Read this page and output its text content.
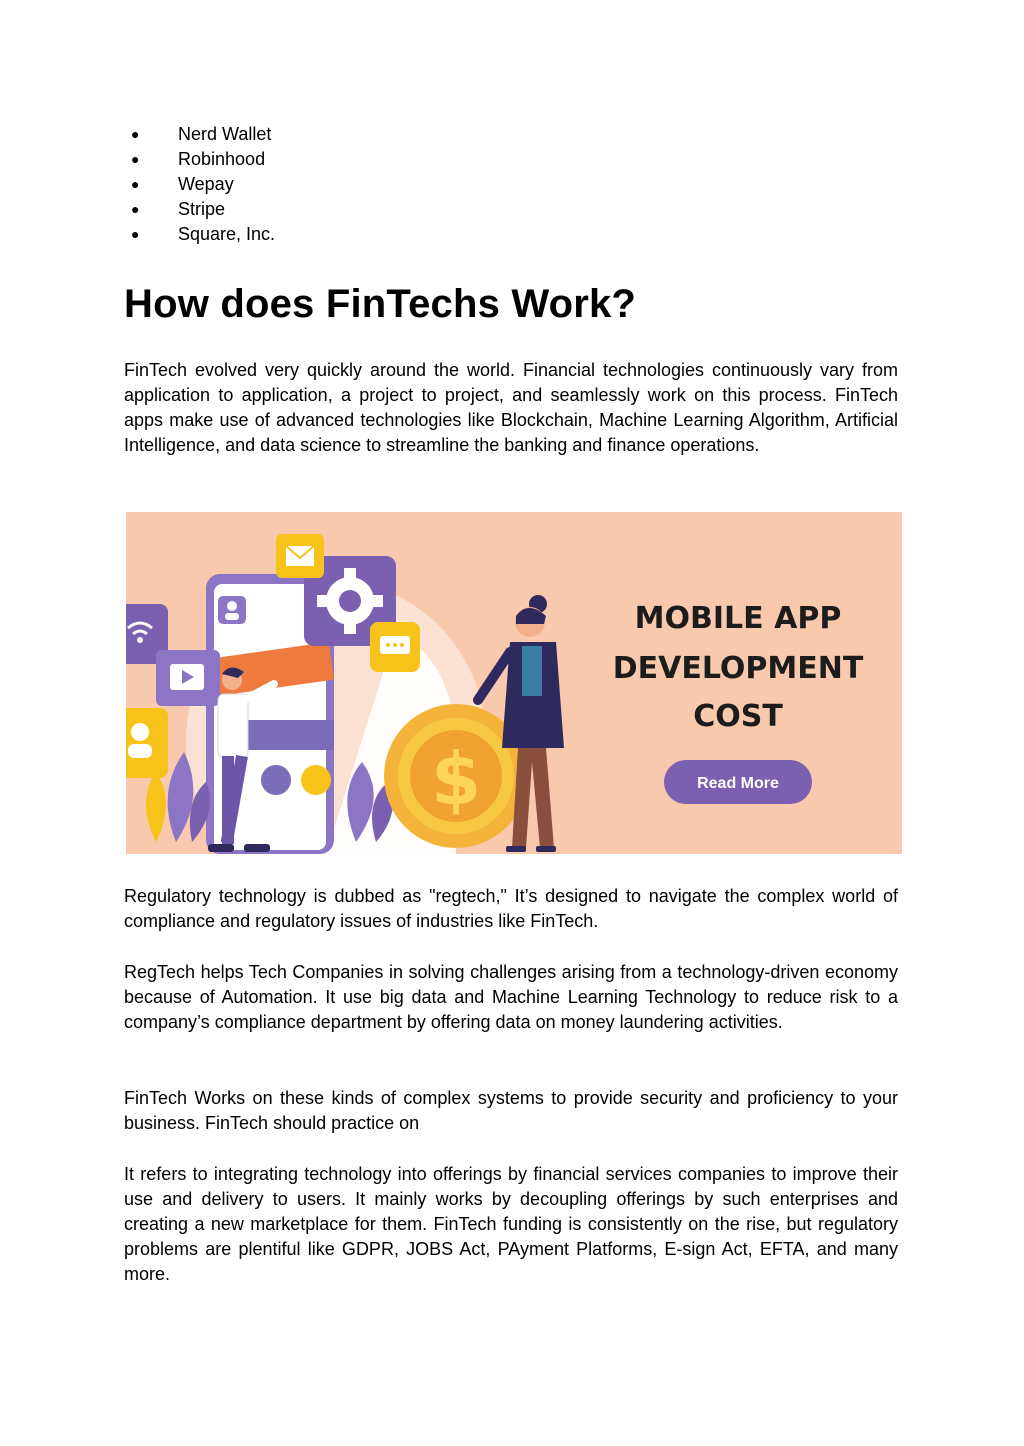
●	Nerd Wallet
●	Robinhood
●	Wepay
●	Stripe
●	Square, Inc.
How does FinTechs Work?

FinTech evolved very quickly around the world. Financial technologies continuously vary from application to application, a project to project, and seamlessly work on this process. FinTech apps make use of advanced technologies like Blockchain, Machine Learning Algorithm, Artificial Intelligence, and data science to streamline the banking and finance operations.

Regulatory technology is dubbed as "regtech," It’s designed to navigate the complex world of compliance and regulatory issues of industries like FinTech.

RegTech helps Tech Companies in solving challenges arising from a technology-driven economy because of Automation. It use big data and Machine Learning Technology to reduce risk to a company’s compliance department by offering data on money laundering activities.

FinTech Works on these kinds of complex systems to provide security and proficiency to your business. FinTech should practice on

It refers to integrating technology into offerings by financial services companies to improve their use and delivery to users. It mainly works by decoupling offerings by such enterprises and creating a new marketplace for them. FinTech funding is consistently on the rise, but regulatory problems are plentiful like GDPR, JOBS Act, PAyment Platforms, E-sign Act, EFTA, and many more.

$
MOBILE APP
DEVELOPMENT
COST
Read More
